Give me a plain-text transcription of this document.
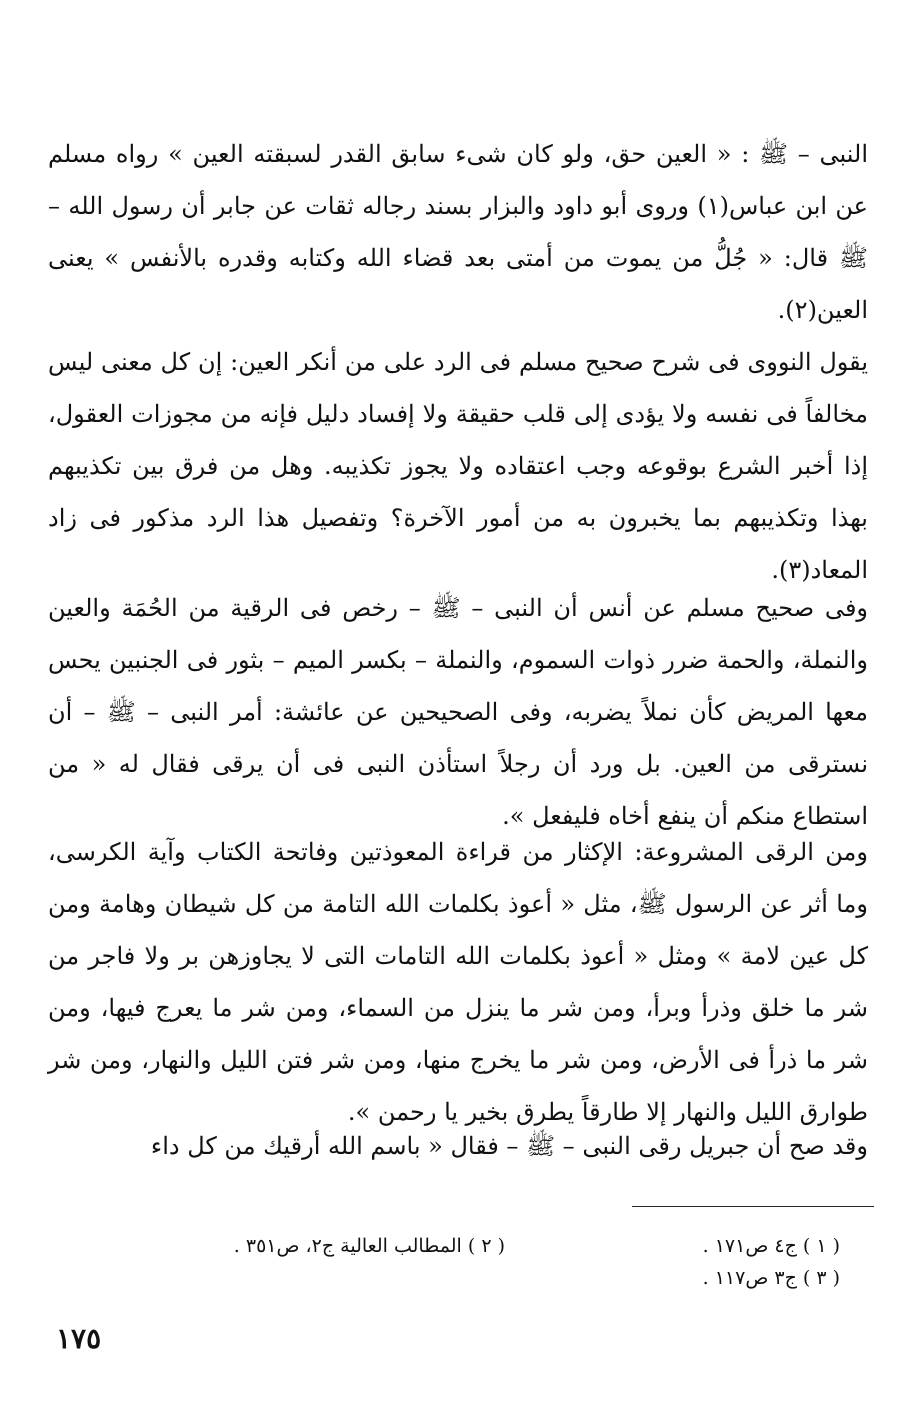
النبى – ﷺ : « العين حق، ولو كان شىء سابق القدر لسبقته العين » رواه مسلم عن ابن عباس(١) وروى أبو داود والبزار بسند رجاله ثقات عن جابر أن رسول الله – ﷺ قال: « جُلُّ من يموت من أمتى بعد قضاء الله وكتابه وقدره بالأنفس » يعنى العين(٢).

يقول النووى فى شرح صحيح مسلم فى الرد على من أنكر العين: إن كل معنى ليس مخالفاً فى نفسه ولا يؤدى إلى قلب حقيقة ولا إفساد دليل فإنه من مجوزات العقول، إذا أخبر الشرع بوقوعه وجب اعتقاده ولا يجوز تكذيبه. وهل من فرق بين تكذيبهم بهذا وتكذيبهم بما يخبرون به من أمور الآخرة؟ وتفصيل هذا الرد مذكور فى زاد المعاد(٣).

وفى صحيح مسلم عن أنس أن النبى – ﷺ – رخص فى الرقية من الحُمَة والعين والنملة، والحمة ضرر ذوات السموم، والنملة – بكسر الميم – بثور فى الجنبين يحس معها المريض كأن نملاً يضربه، وفى الصحيحين عن عائشة: أمر النبى – ﷺ – أن نسترقى من العين. بل ورد أن رجلاً استأذن النبى فى أن يرقى فقال له « من استطاع منكم أن ينفع أخاه فليفعل ».

ومن الرقى المشروعة: الإكثار من قراءة المعوذتين وفاتحة الكتاب وآية الكرسى، وما أثر عن الرسول ﷺ، مثل « أعوذ بكلمات الله التامة من كل شيطان وهامة ومن كل عين لامة » ومثل « أعوذ بكلمات الله التامات التى لا يجاوزهن بر ولا فاجر من شر ما خلق وذرأ وبرأ، ومن شر ما ينزل من السماء، ومن شر ما يعرج فيها، ومن شر ما ذرأ فى الأرض، ومن شر ما يخرج منها، ومن شر فتن الليل والنهار، ومن شر طوارق الليل والنهار إلا طارقاً يطرق بخير يا رحمن ».

وقد صح أن جبريل رقى النبى – ﷺ – فقال « باسم الله أرقيك من كل داء

( ١ ) ج٤ ص١٧١ .
( ٢ ) المطالب العالية ج٢، ص٣٥١ .
( ٣ ) ج٣ ص١١٧ .
١٧٥
